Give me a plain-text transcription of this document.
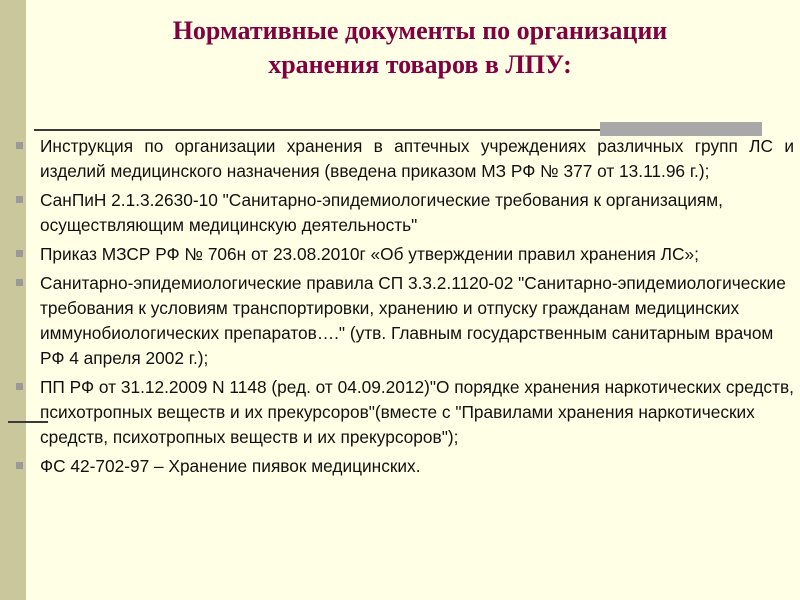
Нормативные документы по организации
хранения товаров в ЛПУ:
Инструкция по организации хранения в аптечных учреждениях различных групп ЛС и изделий медицинского назначения (введена приказом МЗ РФ № 377 от 13.11.96 г.);
СанПиН 2.1.3.2630-10 "Санитарно-эпидемиологические требования к организациям, осуществляющим медицинскую деятельность"
Приказ МЗСР РФ № 706н от 23.08.2010г «Об утверждении правил хранения ЛС»;
Санитарно-эпидемиологические правила СП 3.3.2.1120-02 "Санитарно-эпидемиологические требования к условиям транспортировки, хранению и отпуску гражданам медицинских иммунобиологических препаратов…." (утв. Главным государственным санитарным врачом РФ 4 апреля 2002 г.);
ПП РФ от 31.12.2009 N 1148 (ред. от 04.09.2012)"О порядке хранения наркотических средств, психотропных веществ и их прекурсоров"(вместе с "Правилами хранения наркотических средств, психотропных веществ и их прекурсоров");
ФС 42-702-97 – Хранение пиявок медицинских.
